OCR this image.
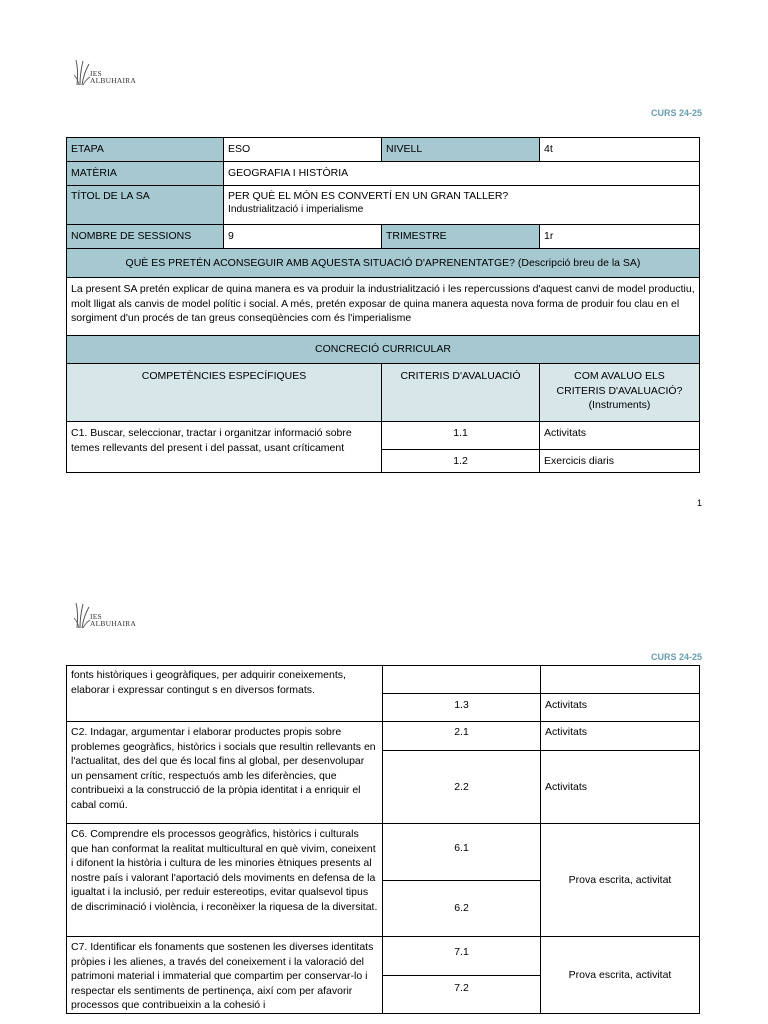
IES
ALBUHAIRA
CURS 24-25
ETAPA	ESO	NIVELL	4t
MATÈRIA	GEOGRAFIA I HISTÒRIA		
TÍTOL DE LA SA	PER QUÈ EL MÓN ES CONVERTÍ EN UN GRAN TALLER?
Industrialització i imperialisme		

NOMBRE DE SESSIONS	9	TRIMESTRE	1r
QUÈ ES PRETÉN ACONSEGUIR AMB AQUESTA SITUACIÓ D'APRENENTATGE? (Descripció breu de la SA)			
La present SA pretén explicar de quina manera es va produir la industrialització i les repercussions d'aquest canvi de model productiu, molt lligat als canvis de model polític i social. A més, pretén exposar de quina manera aquesta nova forma de produir fou clau en el sorgiment d'un procés de tan greus conseqüències com és l'imperialisme			
CONCRECIÓ CURRICULAR			
COMPETÈNCIES ESPECÍFIQUES		CRITERIS D'AVALUACIÓ	COM AVALUO ELS
CRITERIS D'AVALUACIÓ?
(Instruments)

C1. Buscar, seleccionar, tractar i organitzar informació sobre temes rellevants del present i del passat, usant críticament		1.1	Activitats
		1.2	Exercicis diaris
1
IES
ALBUHAIRA
CURS 24-25
fonts històriques i geogràfiques, per adquirir coneixements, elaborar i expressar contingut s en diversos formats.		
	1.3	Activitats
C2. Indagar, argumentar i elaborar productes propis sobre problemes geogràfics, històrics i socials que resultin rellevants en l'actualitat, des del que és local fins al global, per desenvolupar un pensament crític, respectuós amb les diferències, que contribueixi a la construcció de la pròpia identitat i a enriquir el cabal comú.	2.1	Activitats
	2.2	Activitats
C6. Comprendre els processos geogràfics, històrics i culturals que han conformat la realitat multicultural en què vivim, coneixent i difonent la història i cultura de les minories ètniques presents al nostre país i valorant l'aportació dels moviments en defensa de la igualtat i la inclusió, per reduir estereotips, evitar qualsevol tipus de discriminació i violència, i reconèixer la riquesa de la diversitat.	6.1	Prova escrita, activitat
	6.2	
C7. Identificar els fonaments que sostenen les diverses identitats pròpies i les alienes, a través del coneixement i la valoració del patrimoni material i immaterial que compartim per conservar-lo i respectar els sentiments de pertinença, així com per afavorir processos que contribueixin a la cohesió i	7.1	Prova escrita, activitat
	7.2	
